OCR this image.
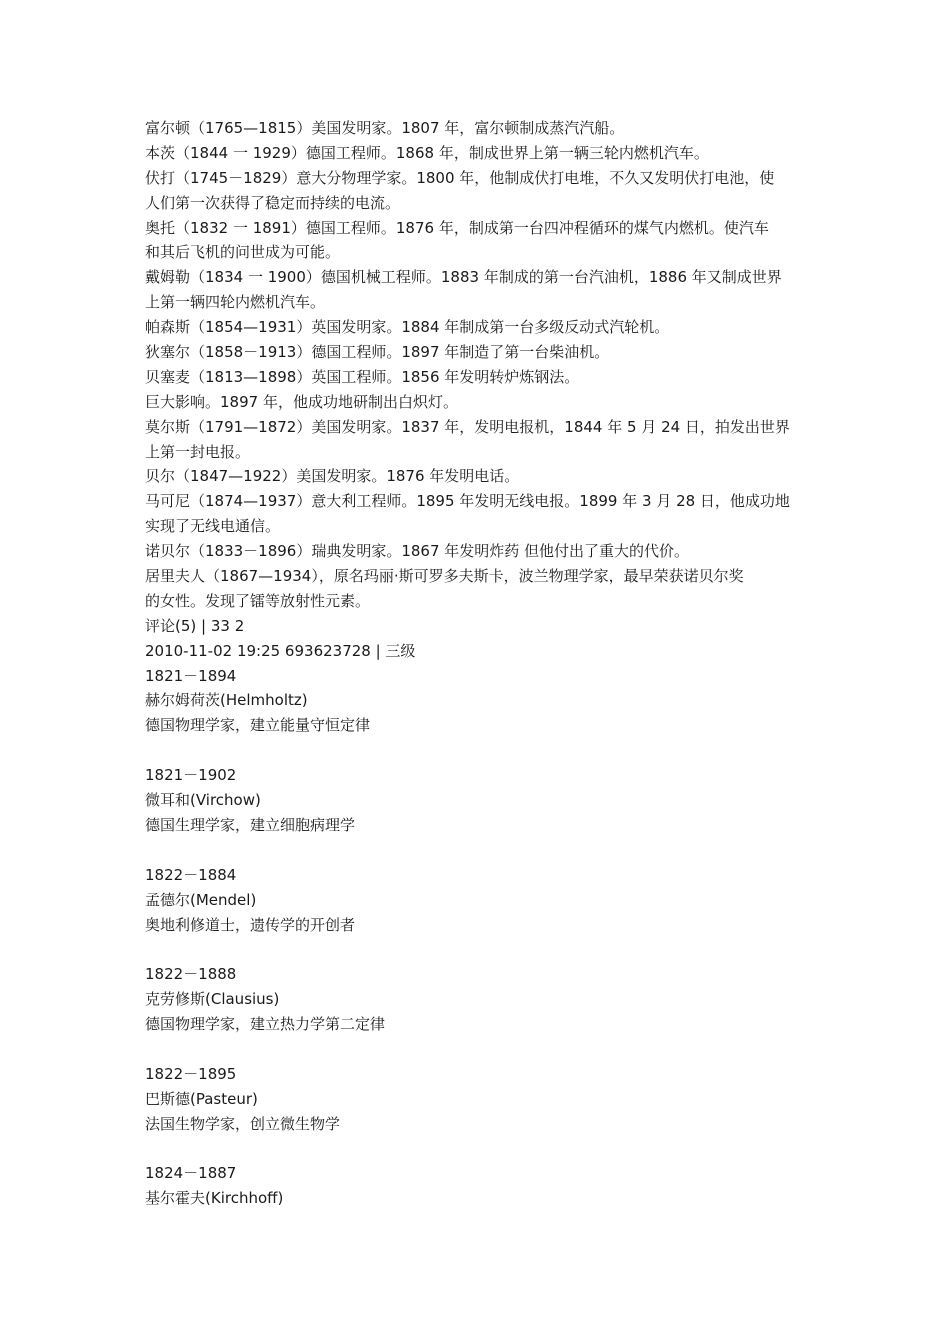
富尔顿（1765—1815）美国发明家。1807 年，富尔顿制成蒸汽汽船。
本茨（1844 一 1929）德国工程师。1868 年，制成世界上第一辆三轮内燃机汽车。
伏打（1745－1829）意大分物理学家。1800 年，他制成伏打电堆，不久又发明伏打电池，使
人们第一次获得了稳定而持续的电流。
奥托（1832 一 1891）德国工程师。1876 年，制成第一台四冲程循环的煤气内燃机。使汽车
和其后飞机的问世成为可能。
戴姆勒（1834 一 1900）德国机械工程师。1883 年制成的第一台汽油机，1886 年又制成世界
上第一辆四轮内燃机汽车。
帕森斯（1854—1931）英国发明家。1884 年制成第一台多级反动式汽轮机。
狄塞尔（1858－1913）德国工程师。1897 年制造了第一台柴油机。
贝塞麦（1813—1898）英国工程师。1856 年发明转炉炼钢法。
巨大影响。1897 年，他成功地研制出白炽灯。
莫尔斯（1791—1872）美国发明家。1837 年，发明电报机，1844 年 5 月 24 日，拍发出世界
上第一封电报。
贝尔（1847—1922）美国发明家。1876 年发明电话。
马可尼（1874—1937）意大利工程师。1895 年发明无线电报。1899 年 3 月 28 日，他成功地
实现了无线电通信。
诺贝尔（1833－1896）瑞典发明家。1867 年发明炸药 但他付出了重大的代价。
居里夫人（1867—1934），原名玛丽·斯可罗多夫斯卡，波兰物理学家，最早荣获诺贝尔奖
的女性。发现了镭等放射性元素。
评论(5) | 33 2
2010-11-02 19:25 693623728 | 三级
1821－1894
赫尔姆荷茨(Helmholtz)
德国物理学家，建立能量守恒定律
1821－1902
微耳和(Virchow)
德国生理学家，建立细胞病理学
1822－1884
孟德尔(Mendel)
奥地利修道士，遗传学的开创者
1822－1888
克劳修斯(Clausius)
德国物理学家，建立热力学第二定律
1822－1895
巴斯德(Pasteur)
法国生物学家，创立微生物学
1824－1887
基尔霍夫(Kirchhoff)
